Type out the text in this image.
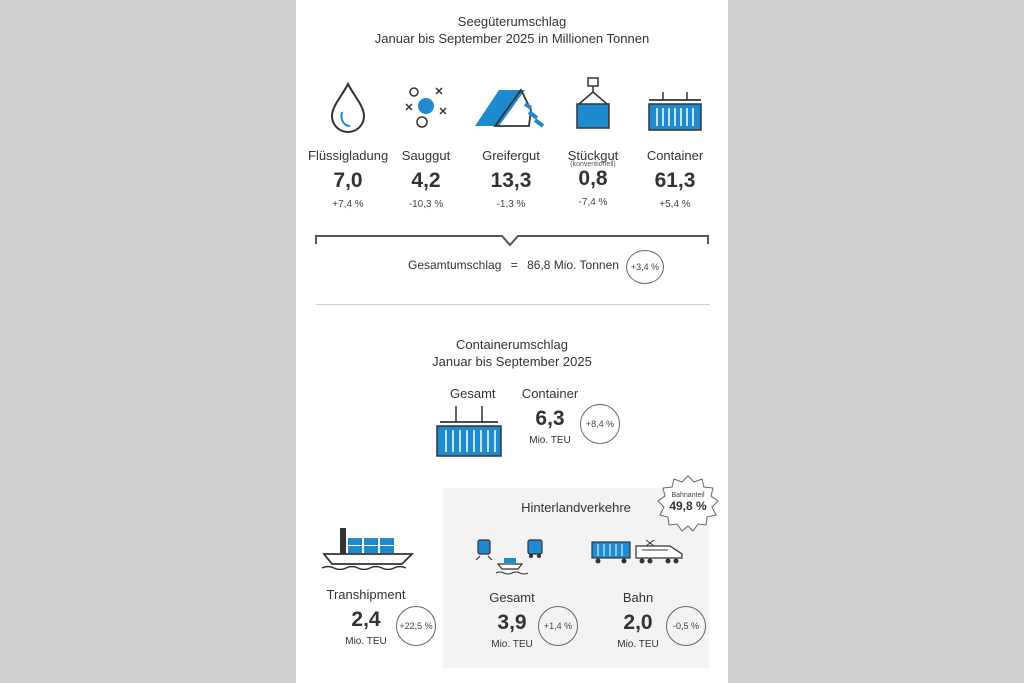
Seegüterumschlag
Januar bis September 2025 in Millionen Tonnen
Flüssigladung
7,0
+7,4 %
Sauggut
4,2
-10,3 %
Greifergut
13,3
-1,3 %
Stückgut
(konventionell)
0,8
-7,4 %
Container
61,3
+5,4 %
Gesamtumschlag = 86,8 Mio. Tonnen +3,4 %
Containerumschlag
Januar bis September 2025
Gesamt	Container
6,3
Mio. TEU
+8,4 %
Hinterlandverkehre
Bahnanteil
49,8 %
Transhipment
2,4
Mio. TEU
+22,5 %
Gesamt
3,9
Mio. TEU
+1,4 %
Bahn
2,0
Mio. TEU
-0,5 %
